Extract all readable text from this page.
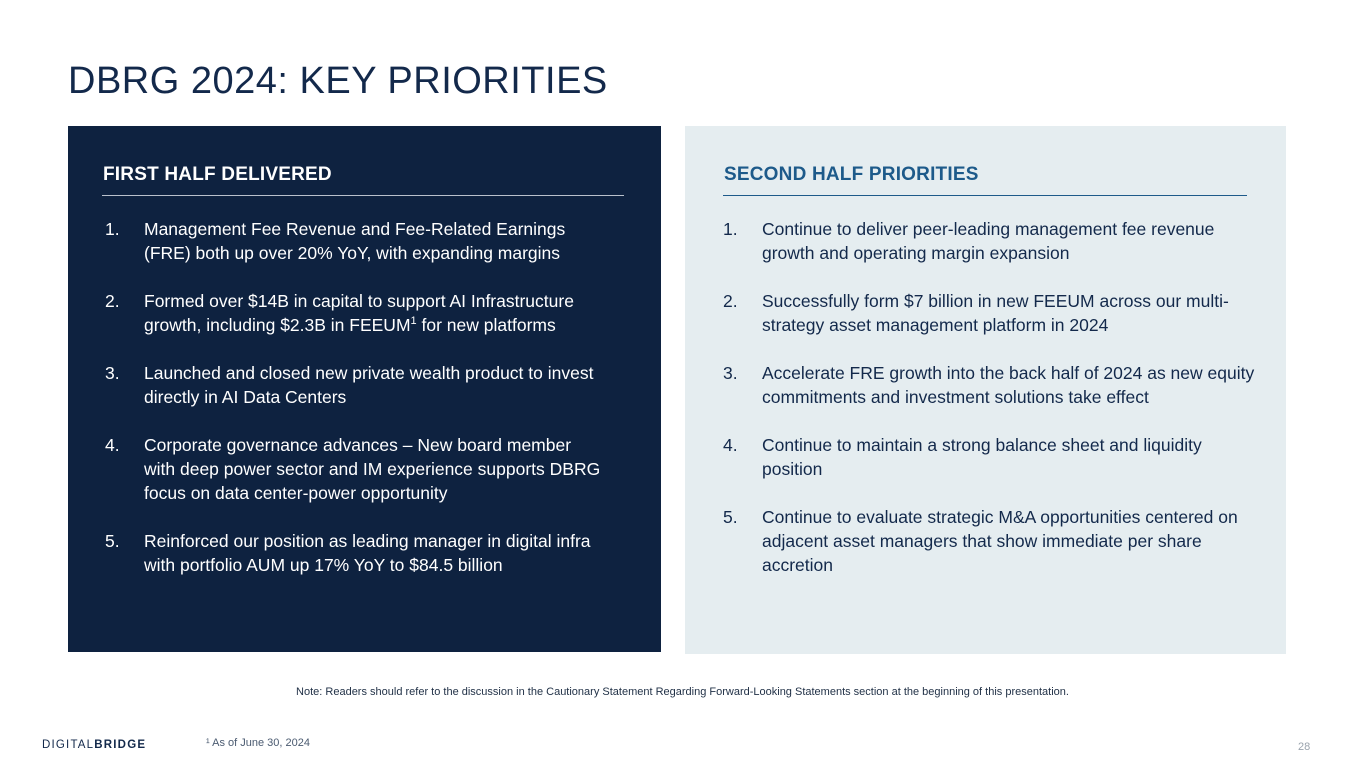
DBRG 2024: KEY PRIORITIES
FIRST HALF DELIVERED
1.	Management Fee Revenue and Fee-Related Earnings (FRE) both up over 20% YoY, with expanding margins
2.	Formed over $14B in capital to support AI Infrastructure growth, including $2.3B in FEEUM$^1$ for new platforms
3.	Launched and closed new private wealth product to invest directly in AI Data Centers
4.	Corporate governance advances – New board member with deep power sector and IM experience supports DBRG focus on data center-power opportunity
5.	Reinforced our position as leading manager in digital infra with portfolio AUM up 17% YoY to $84.5 billion
SECOND HALF PRIORITIES
1.	Continue to deliver peer-leading management fee revenue growth and operating margin expansion
2.	Successfully form $7 billion in new FEEUM across our multi-strategy asset management platform in 2024
3.	Accelerate FRE growth into the back half of 2024 as new equity commitments and investment solutions take effect
4.	Continue to maintain a strong balance sheet and liquidity position
5.	Continue to evaluate strategic M&A opportunities centered on adjacent asset managers that show immediate per share accretion
Note: Readers should refer to the discussion in the Cautionary Statement Regarding Forward-Looking Statements section at the beginning of this presentation.
DIGITALBRIDGE	¹ As of June 30, 2024	28
